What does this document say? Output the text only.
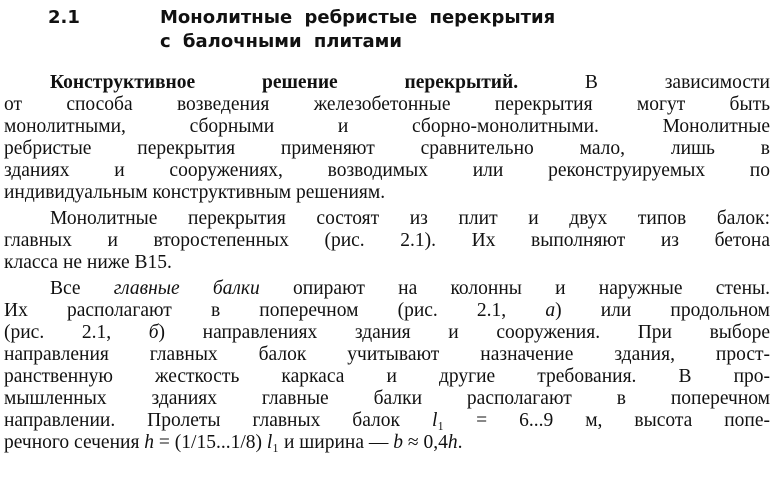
2.1	Монолитные ребристые перекрытия
с балочными плитами
Конструктивное решение перекрытий. В зависимости
от способа возведения железобетонные перекрытия могут быть
монолитными, сборными и сборно-монолитными. Монолитные
ребристые перекрытия применяют сравнительно мало, лишь в
зданиях и сооружениях, возводимых или реконструируемых по
индивидуальным конструктивным решениям.
Монолитные перекрытия состоят из плит и двух типов балок:
главных и второстепенных (рис. 2.1). Их выполняют из бетона
класса не ниже В15.
Все главные балки опирают на колонны и наружные стены.
Их располагают в поперечном (рис. 2.1, а) или продольном
(рис. 2.1, б) направлениях здания и сооружения. При выборе
направления главных балок учитывают назначение здания, прост-
ранственную жесткость каркаса и другие требования. В про-
мышленных зданиях главные балки располагают в поперечном
направлении. Пролеты главных балок l₁ = 6...9 м, высота попе-
речного сечения h = (1/15...1/8) l₁ и ширина — b ≈ 0,4h.
